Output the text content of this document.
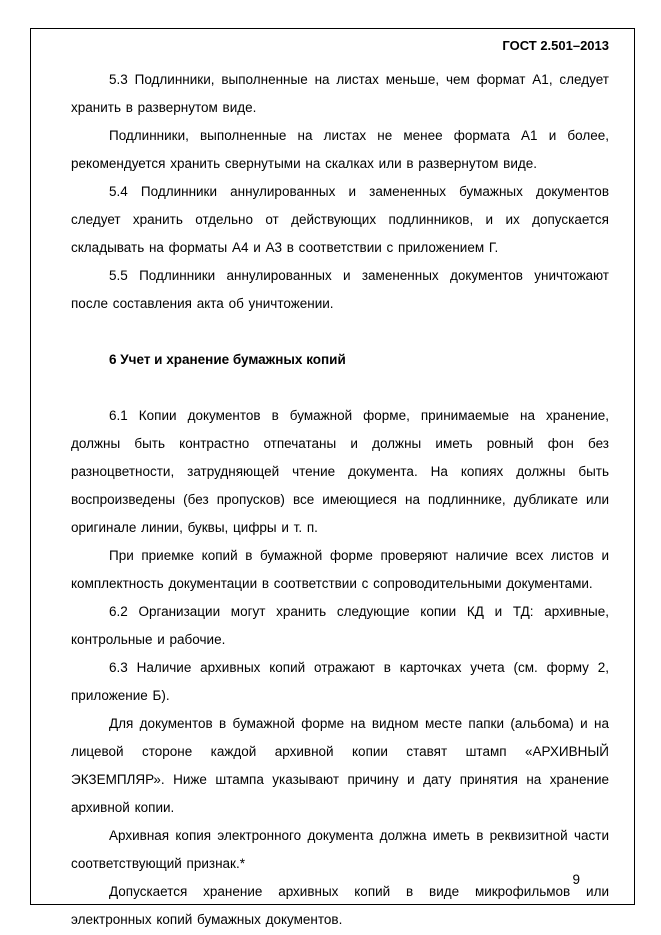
ГОСТ 2.501–2013

5.3 Подлинники, выполненные на листах меньше, чем формат А1, следует хранить в развернутом виде.

Подлинники, выполненные на листах не менее формата А1 и более, рекомендуется хранить свернутыми на скалках или в развернутом виде.

5.4 Подлинники аннулированных и замененных бумажных документов следует хранить отдельно от действующих подлинников, и их допускается складывать на форматы А4 и А3 в соответствии с приложением Г.

5.5 Подлинники аннулированных и замененных документов уничтожают после составления акта об уничтожении.

6 Учет и хранение бумажных копий

6.1 Копии документов в бумажной форме, принимаемые на хранение, должны быть контрастно отпечатаны и должны иметь ровный фон без разноцветности, затрудняющей чтение документа. На копиях должны быть воспроизведены (без пропусков) все имеющиеся на подлиннике, дубликате или оригинале линии, буквы, цифры и т. п.

При приемке копий в бумажной форме проверяют наличие всех листов и комплектность документации в соответствии с сопроводительными документами.

6.2 Организации могут хранить следующие копии КД и ТД: архивные, контрольные и рабочие.

6.3 Наличие архивных копий отражают в карточках учета (см. форму 2, приложение Б).

Для документов в бумажной форме на видном месте папки (альбома) и на лицевой стороне каждой архивной копии ставят штамп «АРХИВНЫЙ ЭКЗЕМПЛЯР». Ниже штампа указывают причину и дату принятия на хранение архивной копии.

Архивная копия электронного документа должна иметь в реквизитной части соответствующий признак.*

Допускается хранение архивных копий в виде микрофильмов или электронных копий бумажных документов.

9
